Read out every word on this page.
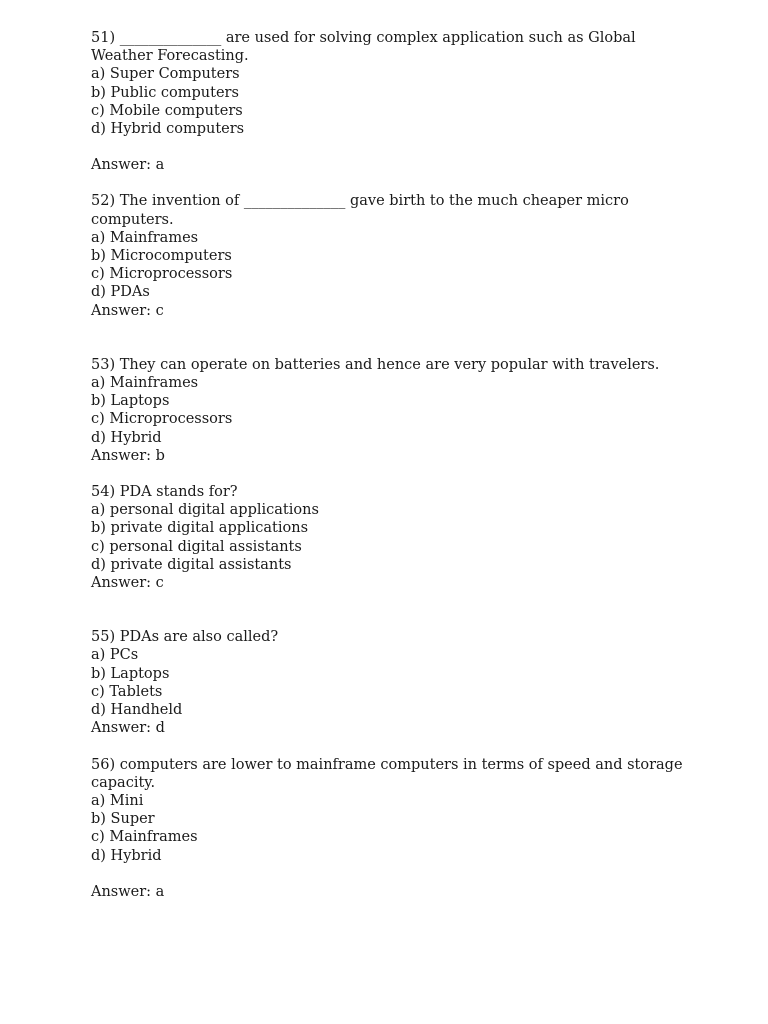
51) ______________ are used for solving complex application such as Global Weather Forecasting.
a) Super Computers
b) Public computers
c) Mobile computers
d) Hybrid computers
Answer: a
52) The invention of ______________ gave birth to the much cheaper micro computers.
a) Mainframes
b) Microcomputers
c) Microprocessors
d) PDAs
Answer: c
53) They can operate on batteries and hence are very popular with travelers.
a) Mainframes
b) Laptops
c) Microprocessors
d) Hybrid
Answer: b
54) PDA stands for?
a) personal digital applications
b) private digital applications
c) personal digital assistants
d) private digital assistants
Answer: c
55) PDAs are also called?
a) PCs
b) Laptops
c) Tablets
d) Handheld
Answer: d
56) computers are lower to mainframe computers in terms of speed and storage capacity.
a) Mini
b) Super
c) Mainframes
d) Hybrid
Answer: a
